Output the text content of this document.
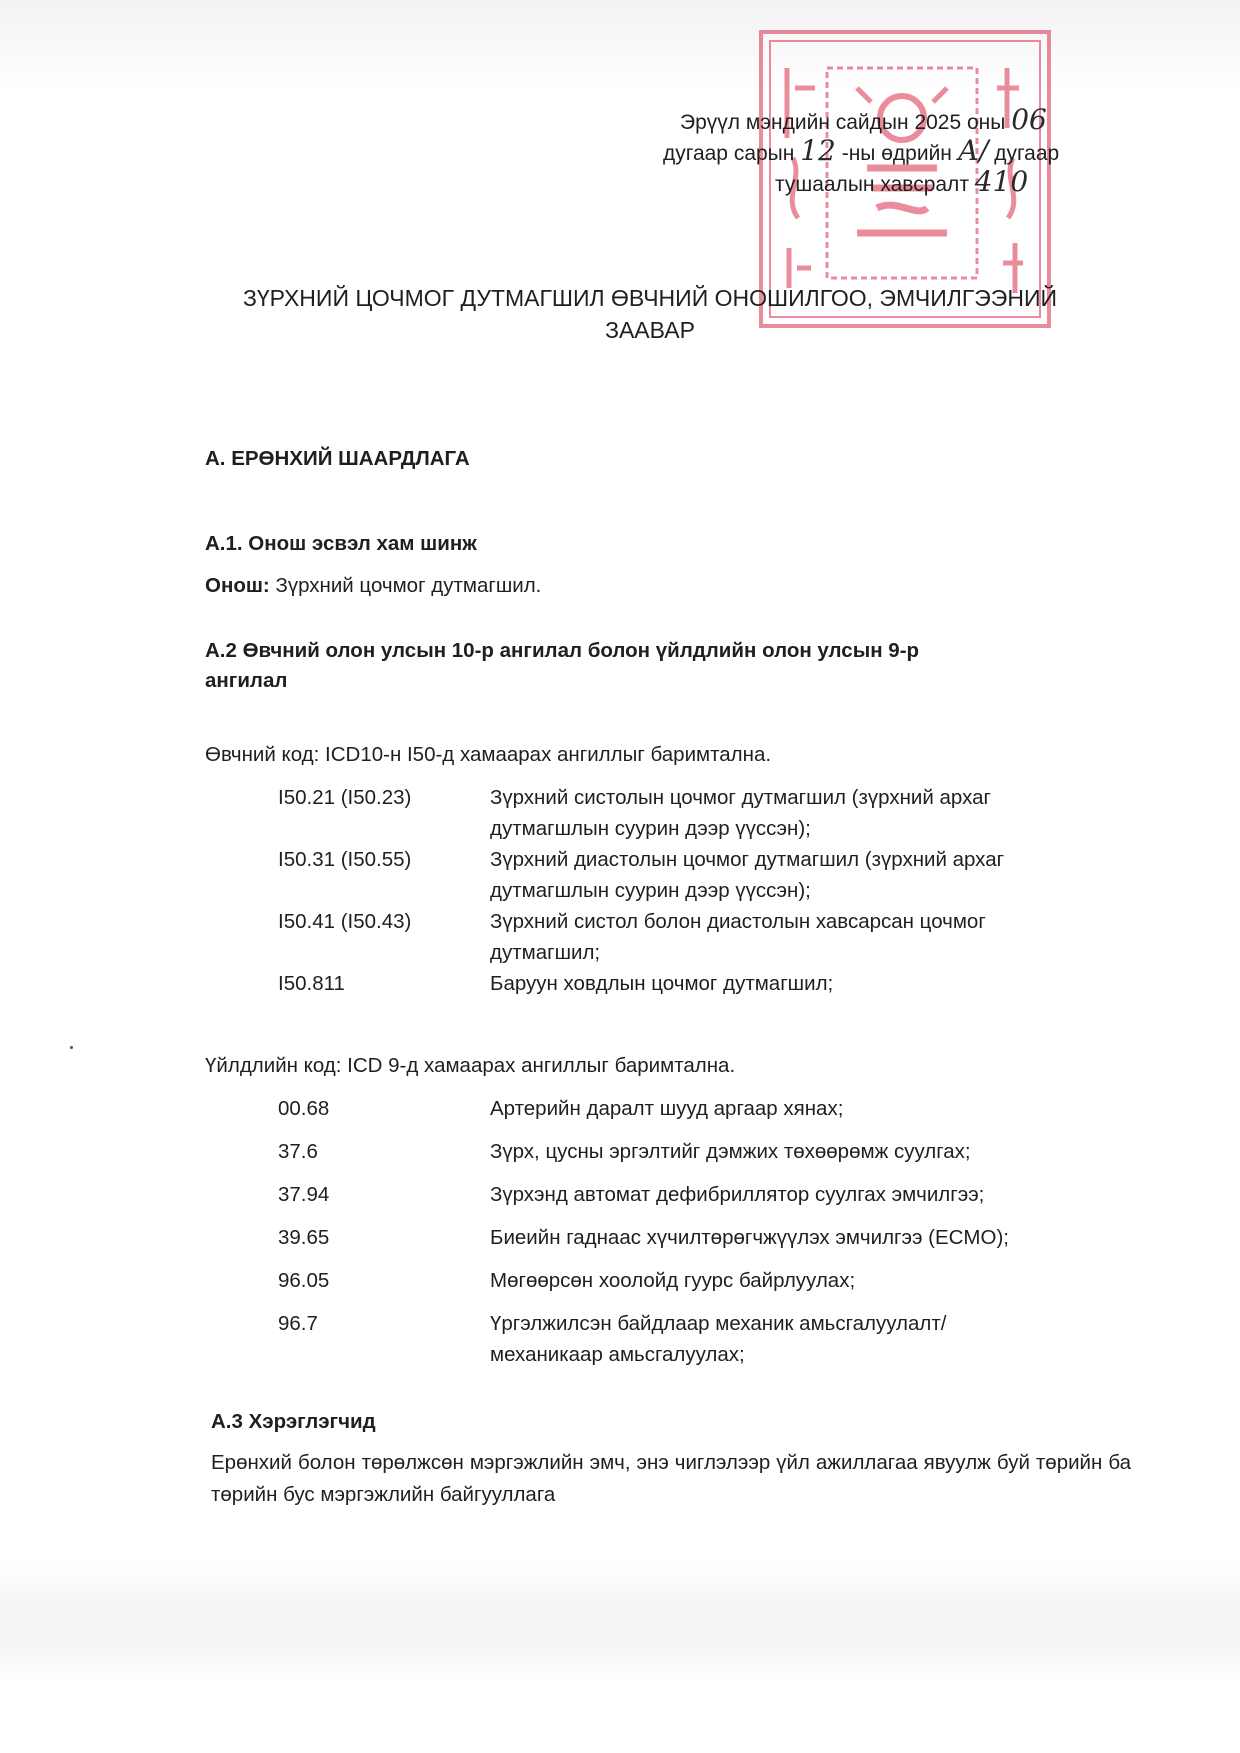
Эрүүл мэндийн сайдын 2025 оны 06
дугаар сарын 12 -ны өдрийн А/ дугаар
тушаалын хавсралт 410
ЗҮРХНИЙ ЦОЧМОГ ДУТМАГШИЛ ӨВЧНИЙ ОНОШИЛГОО, ЭМЧИЛГЭЭНИЙ
ЗААВАР
А. ЕРӨНХИЙ ШААРДЛАГА
А.1. Онош эсвэл хам шинж
Онош: Зүрхний цочмог дутмагшил.
А.2 Өвчний олон улсын 10-р ангилал болон үйлдлийн олон улсын 9-р
ангилал
Өвчний код: ICD10-н I50-д хамаарах ангиллыг баримтална.
I50.21 (I50.23)	Зүрхний систолын цочмог дутмагшил (зүрхний архаг
дутмагшлын суурин дээр үүссэн);
I50.31 (I50.55)	Зүрхний диастолын цочмог дутмагшил (зүрхний архаг
дутмагшлын суурин дээр үүссэн);
I50.41 (I50.43)	Зүрхний систол болон диастолын хавсарсан цочмог
дутмагшил;
I50.811	Баруун ховдлын цочмог дутмагшил;
Үйлдлийн код: ICD 9-д хамаарах ангиллыг баримтална.
00.68	Артерийн даралт шууд аргаар хянах;
37.6	Зүрх, цусны эргэлтийг дэмжих төхөөрөмж суулгах;
37.94	Зүрхэнд автомат дефибриллятор суулгах эмчилгээ;
39.65	Биеийн гаднаас хүчилтөрөгчжүүлэх эмчилгээ (ECMO);
96.05	Мөгөөрсөн хоолойд гуурс байрлуулах;
96.7	Үргэлжилсэн байдлаар механик амьсгалуулалт/
механикаар амьсгалуулах;
А.3 Хэрэглэгчид
Ерөнхий болон төрөлжсөн мэргэжлийн эмч, энэ чиглэлээр үйл ажиллагаа явуулж буй төрийн ба төрийн бус мэргэжлийн байгууллага
